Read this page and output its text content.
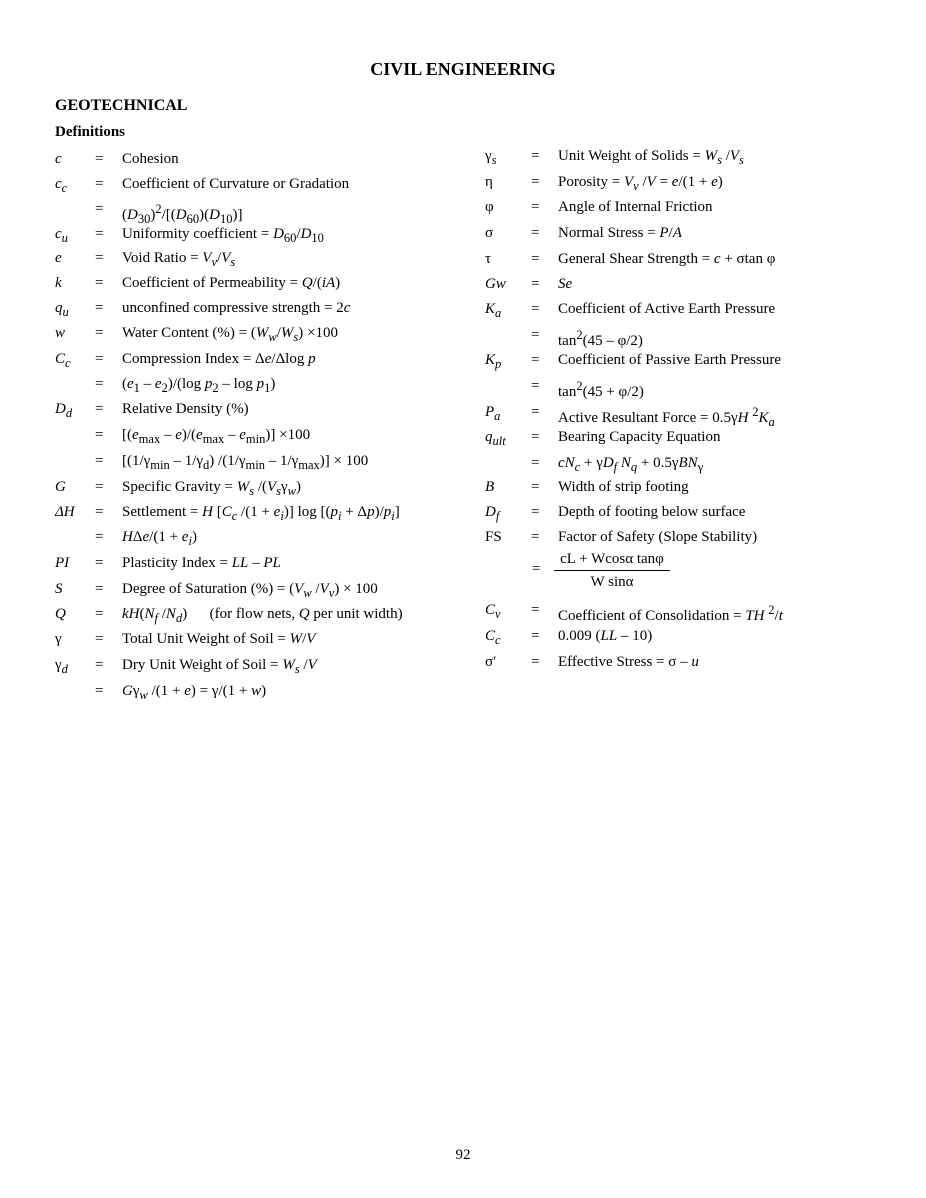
CIVIL ENGINEERING
GEOTECHNICAL
Definitions
c = Cohesion
$c_c$ = Coefficient of Curvature or Gradation
= $(D_{30})^2/[(D_{60})(D_{10})]$
$c_u$ = Uniformity coefficient = $D_{60}/D_{10}$
e = Void Ratio = $V_v/V_s$
k = Coefficient of Permeability = Q/(iA)
$q_u$ = unconfined compressive strength = 2c
w = Water Content (%) = $(W_w/W_s) \times 100$
$C_c$ = Compression Index = Δe/Δlog p
= $(e_1 - e_2)/(\log$ $p_2$ – $\log p_1$)
$D_d$ = Relative Density (%)
= $[(e_{max} - e)/(e_{max} - e_{min})] \times 100$
= [$(1/\gamma_{min} - 1/\gamma_d)$ $/(1/\gamma_{min} - 1/\gamma_{max})] \times 100$
G = Specific Gravity = $W_s$ $/(V_s\gamma_w)$
ΔH = Settlement = H [$C_c$ $/(1 + e_i)$] $\log [(p_i + \Delta p)/p_i]$
= $H\Delta e/(1 + e_i)$
PI = Plasticity Index = LL – PL
S = Degree of Saturation (%) = ($V_w$ $/V_v) \times 100$
$Q = kH(N_f$ $/N_d$)      (for flow nets, Q per unit width)
γ = Total Unit Weight of Soil = W/V
$\gamma_d$ = Dry Unit Weight of Soil = $W_s$ /V
= $G\gamma_w$ /(1 + e) = γ/(1 + w)
$\gamma_s$ = Unit Weight of Solids = $W_s$ $/V_s$
η	= Porosity = $V_v$ /V = e/(1 + e)
φ = Angle of Internal Friction
σ	= Normal Stress = P/A
τ	= General Shear Strength = c + σtan φ
Gw = Se
$K_a$ = Coefficient of Active Earth Pressure
= $\tan^2(45 - \varphi/2)$
$K_p$ = Coefficient of Passive Earth Pressure
= $\tan^2(45 + \varphi/2)$
$P_a$ = Active Resultant Force = 0.5γH $^2K_a$
$q_{ult}$ = Bearing Capacity Equation
= $cN_c + \gamma D_f$ $N_q + 0.5\gamma BN_\gamma$
B = Width of strip footing
$D_f$ = Depth of footing below surface
FS = Factor of Safety (Slope Stability)
= $\frac{\text{cL + Wcosα tanφ}}{\text{W sinα}}$
$C_v$ = Coefficient of Consolidation = TH $^2$/t
$C_c = 0.009$ (LL – 10)
σ′ = Effective Stress = σ – u
92
